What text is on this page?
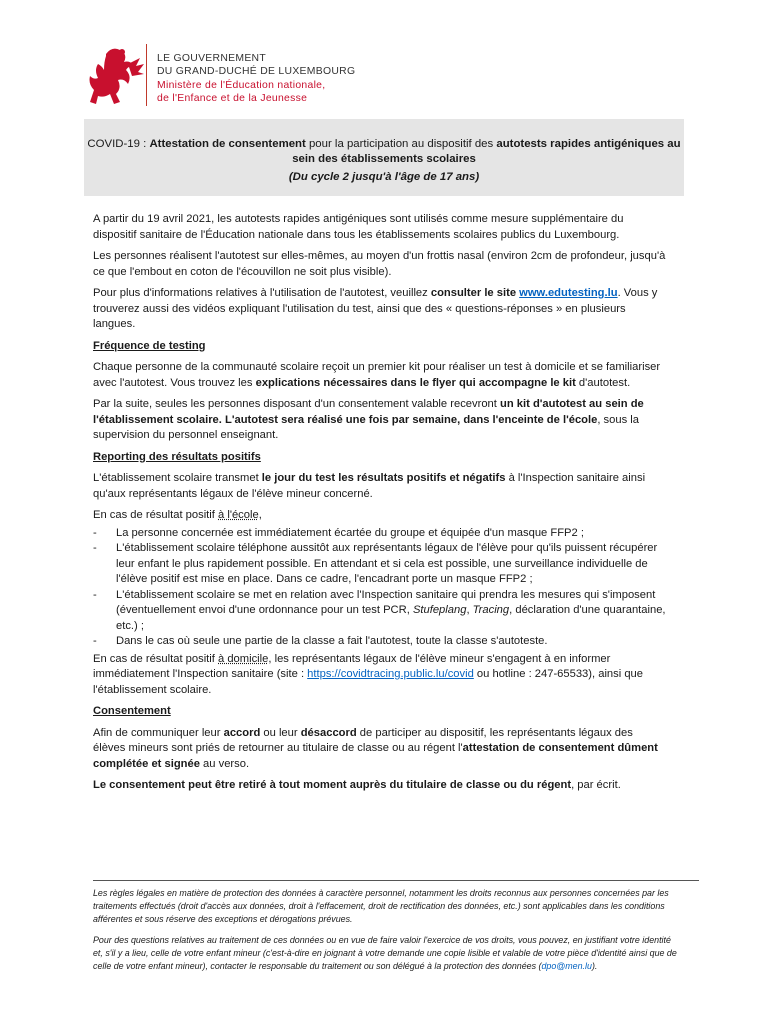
LE GOUVERNEMENT
DU GRAND-DUCHÉ DE LUXEMBOURG
Ministère de l'Éducation nationale,
de l'Enfance et de la Jeunesse
COVID-19 : Attestation de consentement pour la participation au dispositif des autotests rapides antigéniques au sein des établissements scolaires
(Du cycle 2 jusqu'à l'âge de 17 ans)

A partir du 19 avril 2021, les autotests rapides antigéniques sont utilisés comme mesure supplémentaire du dispositif sanitaire de l'Éducation nationale dans tous les établissements scolaires publics du Luxembourg.

Les personnes réalisent l'autotest sur elles-mêmes, au moyen d'un frottis nasal (environ 2cm de profondeur, jusqu'à ce que l'embout en coton de l'écouvillon ne soit plus visible).

Pour plus d'informations relatives à l'utilisation de l'autotest, veuillez consulter le site www.edutesting.lu. Vous y trouverez aussi des vidéos expliquant l'utilisation du test, ainsi que des « questions-réponses » en plusieurs langues.

Fréquence de testing

Chaque personne de la communauté scolaire reçoit un premier kit pour réaliser un test à domicile et se familiariser avec l'autotest. Vous trouvez les explications nécessaires dans le flyer qui accompagne le kit d'autotest.

Par la suite, seules les personnes disposant d'un consentement valable recevront un kit d'autotest au sein de l'établissement scolaire. L'autotest sera réalisé une fois par semaine, dans l'enceinte de l'école, sous la supervision du personnel enseignant.

Reporting des résultats positifs

L'établissement scolaire transmet le jour du test les résultats positifs et négatifs à l'Inspection sanitaire ainsi qu'aux représentants légaux de l'élève mineur concerné.

En cas de résultat positif à l'école,

- La personne concernée est immédiatement écartée du groupe et équipée d'un masque FFP2 ;
- L'établissement scolaire téléphone aussitôt aux représentants légaux de l'élève pour qu'ils puissent récupérer leur enfant le plus rapidement possible. En attendant et si cela est possible, une surveillance individuelle de l'élève positif est mise en place. Dans ce cadre, l'encadrant porte un masque FFP2 ;
- L'établissement scolaire se met en relation avec l'Inspection sanitaire qui prendra les mesures qui s'imposent (éventuellement envoi d'une ordonnance pour un test PCR, Stufeplang, Tracing, déclaration d'une quarantaine, etc.) ;
- Dans le cas où seule une partie de la classe a fait l'autotest, toute la classe s'autoteste.

En cas de résultat positif à domicile, les représentants légaux de l'élève mineur s'engagent à en informer immédiatement l'Inspection sanitaire (site : https://covidtracing.public.lu/covid ou hotline : 247-65533), ainsi que l'établissement scolaire.

Consentement

Afin de communiquer leur accord ou leur désaccord de participer au dispositif, les représentants légaux des élèves mineurs sont priés de retourner au titulaire de classe ou au régent l'attestation de consentement dûment complétée et signée au verso.

Le consentement peut être retiré à tout moment auprès du titulaire de classe ou du régent, par écrit.

Les règles légales en matière de protection des données à caractère personnel, notamment les droits reconnus aux personnes concernées par les traitements effectués (droit d'accès aux données, droit à l'effacement, droit de rectification des données, etc.) sont applicables dans les conditions afférentes et sous réserve des exceptions et dérogations prévues.

Pour des questions relatives au traitement de ces données ou en vue de faire valoir l'exercice de vos droits, vous pouvez, en justifiant votre identité et, s'il y a lieu, celle de votre enfant mineur (c'est-à-dire en joignant à votre demande une copie lisible et valable de votre pièce d'identité ainsi que de celle de votre enfant mineur), contacter le responsable du traitement ou son délégué à la protection des données (dpo@men.lu).
